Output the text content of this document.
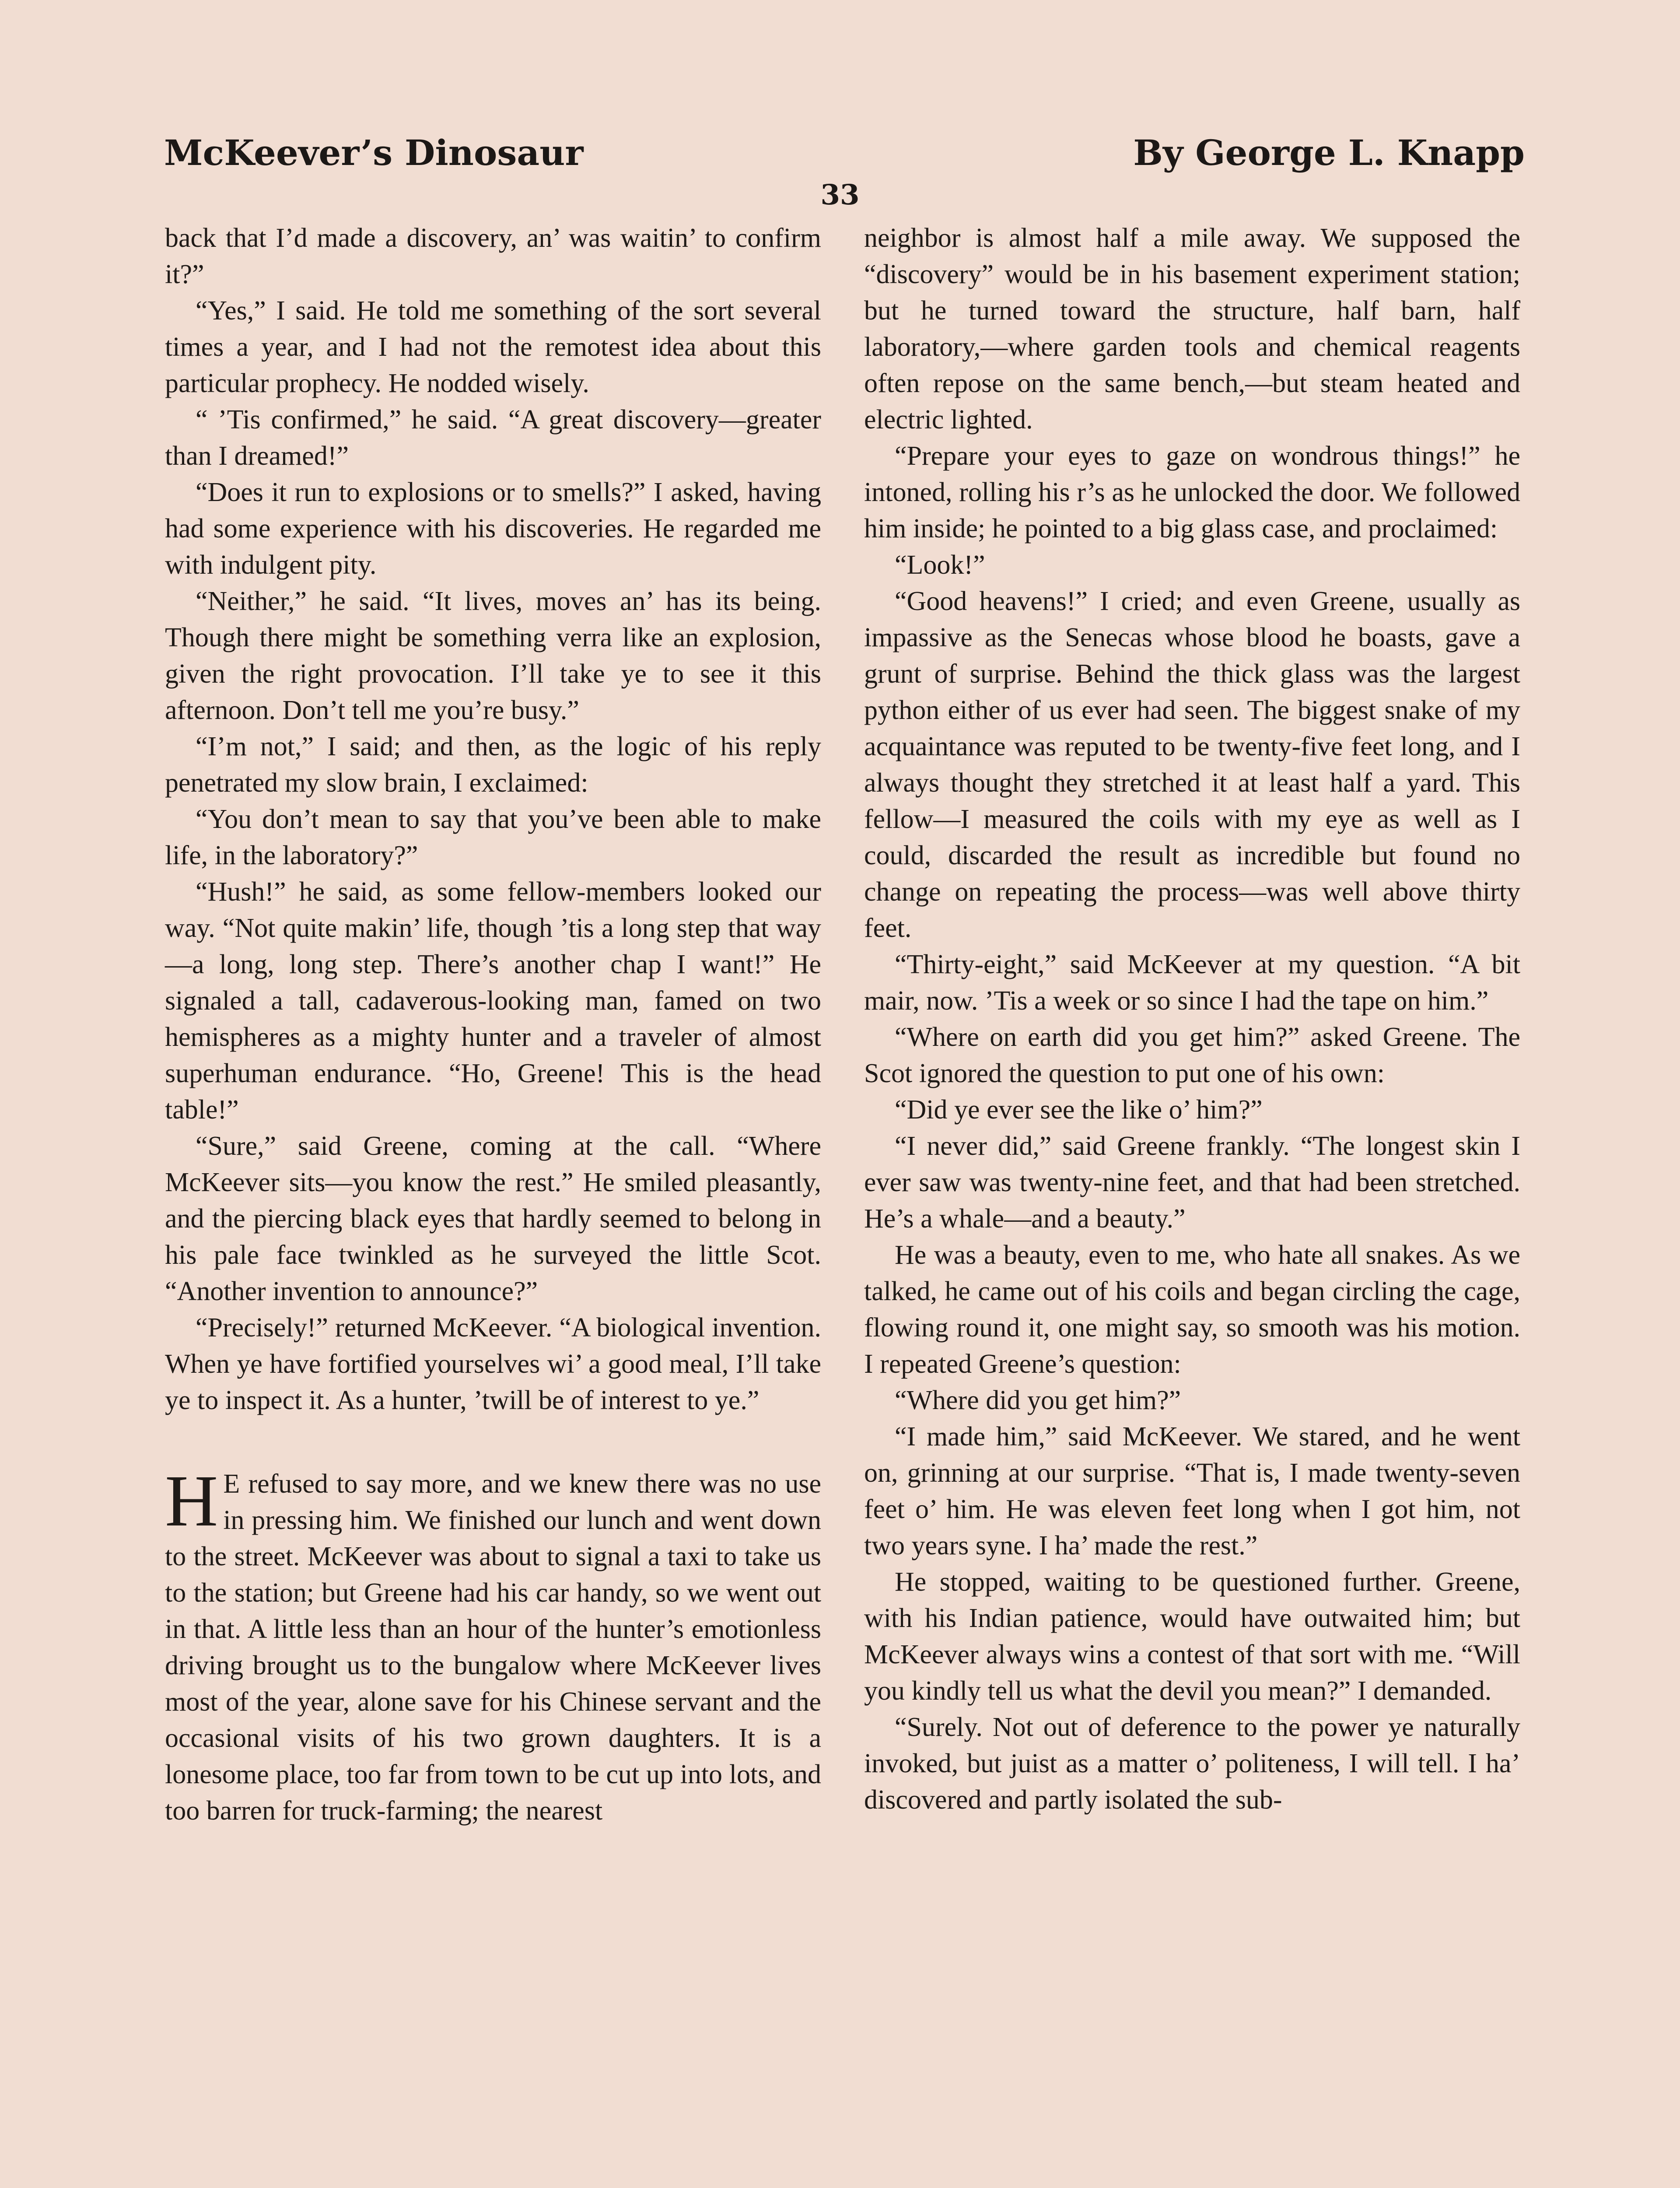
McKeever’s Dinosaur	By George L. Knapp
33

back that I’d made a discovery, an’ was waitin’ to confirm it?”

“Yes,” I said. He told me something of the sort several times a year, and I had not the remotest idea about this particular prophecy. He nodded wisely.

“ ’Tis confirmed,” he said. “A great discovery—greater than I dreamed!”

“Does it run to explosions or to smells?” I asked, having had some experience with his discoveries. He regarded me with indulgent pity.

“Neither,” he said. “It lives, moves an’ has its being. Though there might be something verra like an explosion, given the right provocation. I’ll take ye to see it this afternoon. Don’t tell me you’re busy.”

“I’m not,” I said; and then, as the logic of his reply penetrated my slow brain, I exclaimed:

“You don’t mean to say that you’ve been able to make life, in the laboratory?”

“Hush!” he said, as some fellow-members looked our way. “Not quite makin’ life, though ’tis a long step that way—a long, long step. There’s another chap I want!” He signaled a tall, cadaverous-looking man, famed on two hemispheres as a mighty hunter and a traveler of almost superhuman endurance. “Ho, Greene! This is the head table!”

“Sure,” said Greene, coming at the call. “Where McKeever sits—you know the rest.” He smiled pleasantly, and the piercing black eyes that hardly seemed to belong in his pale face twinkled as he surveyed the little Scot. “Another invention to announce?”

“Precisely!” returned McKeever. “A biological invention. When ye have fortified yourselves wi’ a good meal, I’ll take ye to inspect it. As a hunter, ’twill be of interest to ye.”

H E refused to say more, and we knew there was no use in pressing him. We finished our lunch and went down to the street. McKeever was about to signal a taxi to take us to the station; but Greene had his car handy, so we went out in that. A little less than an hour of the hunter’s emotionless driving brought us to the bungalow where McKeever lives most of the year, alone save for his Chinese servant and the occasional visits of his two grown daughters. It is a lonesome place, too far from town to be cut up into lots, and too barren for truck-farming; the nearest

neighbor is almost half a mile away. We supposed the “discovery” would be in his basement experiment station; but he turned toward the structure, half barn, half laboratory,—where garden tools and chemical reagents often repose on the same bench,—but steam heated and electric lighted.

“Prepare your eyes to gaze on wondrous things!” he intoned, rolling his r’s as he unlocked the door. We followed him inside; he pointed to a big glass case, and proclaimed:

“Look!”

“Good heavens!” I cried; and even Greene, usually as impassive as the Senecas whose blood he boasts, gave a grunt of surprise. Behind the thick glass was the largest python either of us ever had seen. The biggest snake of my acquaintance was reputed to be twenty-five feet long, and I always thought they stretched it at least half a yard. This fellow—I measured the coils with my eye as well as I could, discarded the result as incredible but found no change on repeating the process—was well above thirty feet.

“Thirty-eight,” said McKeever at my question. “A bit mair, now. ’Tis a week or so since I had the tape on him.”

“Where on earth did you get him?” asked Greene. The Scot ignored the question to put one of his own:

“Did ye ever see the like o’ him?”

“I never did,” said Greene frankly. “The longest skin I ever saw was twenty-nine feet, and that had been stretched. He’s a whale—and a beauty.”

He was a beauty, even to me, who hate all snakes. As we talked, he came out of his coils and began circling the cage, flowing round it, one might say, so smooth was his motion. I repeated Greene’s question:

“Where did you get him?”

“I made him,” said McKeever. We stared, and he went on, grinning at our surprise. “That is, I made twenty-seven feet o’ him. He was eleven feet long when I got him, not two years syne. I ha’ made the rest.”

He stopped, waiting to be questioned further. Greene, with his Indian patience, would have outwaited him; but McKeever always wins a contest of that sort with me. “Will you kindly tell us what the devil you mean?” I demanded.

“Surely. Not out of deference to the power ye naturally invoked, but juist as a matter o’ politeness, I will tell. I ha’ discovered and partly isolated the sub-
